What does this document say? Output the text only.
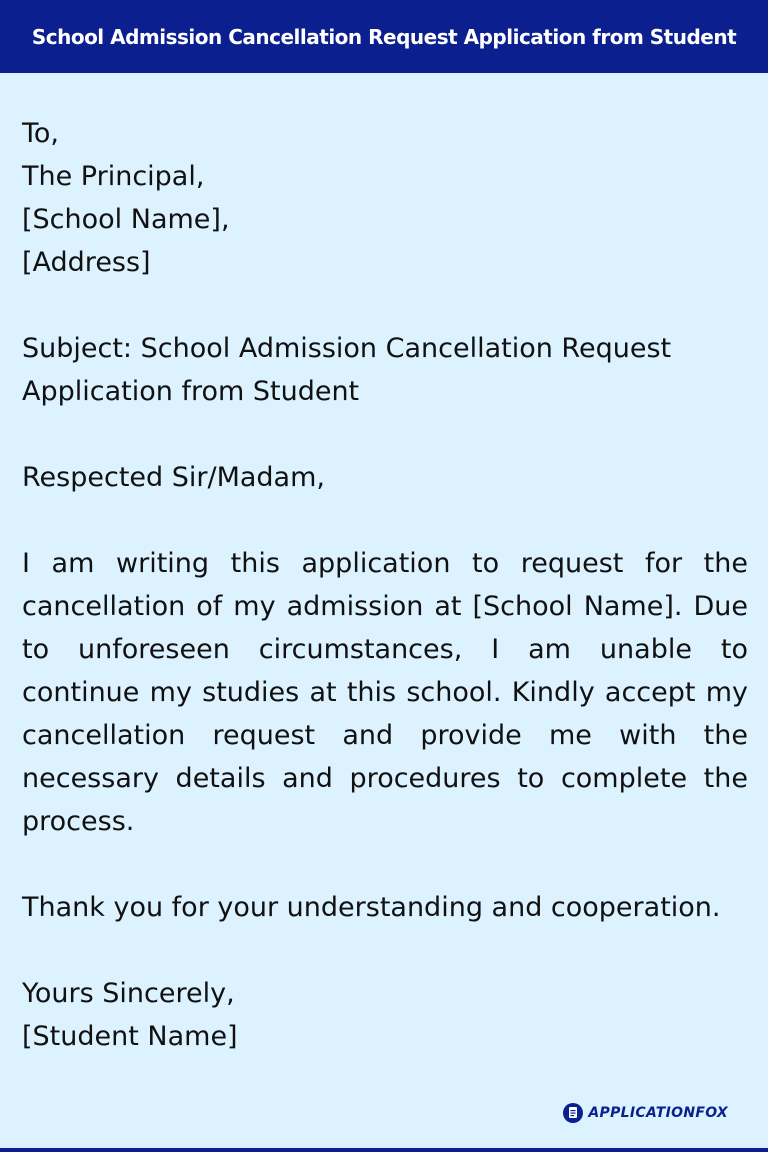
School Admission Cancellation Request Application from Student

To,
The Principal,
[School Name],
[Address]

Subject: School Admission Cancellation Request
Application from Student

Respected Sir/Madam,

I am writing this application to request for the cancellation of my admission at [School Name]. Due to unforeseen circumstances, I am unable to continue my studies at this school. Kindly accept my cancellation request and provide me with the necessary details and procedures to complete the process.

Thank you for your understanding and cooperation.

Yours Sincerely,
[Student Name]

APPLICATIONFOX
